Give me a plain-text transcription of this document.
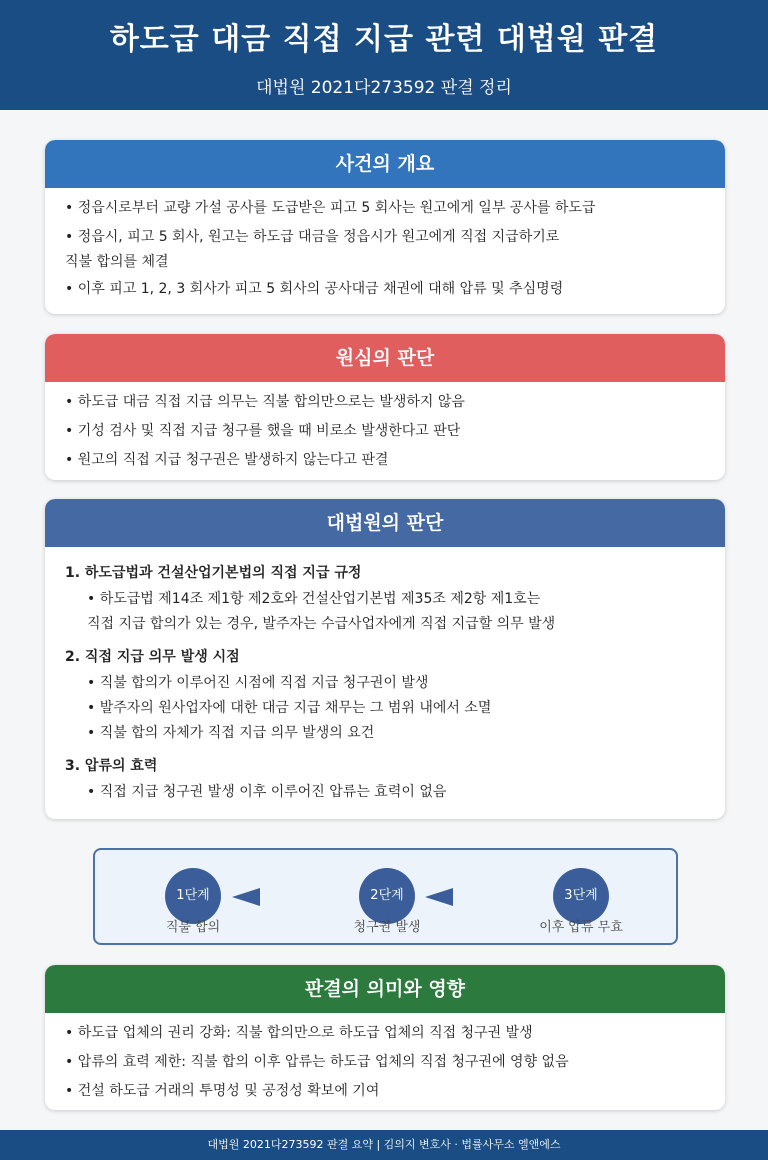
하도급 대금 직접 지급 관련 대법원 판결
대법원 2021다273592 판결 정리
사건의 개요
• 정읍시로부터 교량 가설 공사를 도급받은 피고 5 회사는 원고에게 일부 공사를 하도급
• 정읍시, 피고 5 회사, 원고는 하도급 대금을 정읍시가 원고에게 직접 지급하기로
직불 합의를 체결
• 이후 피고 1, 2, 3 회사가 피고 5 회사의 공사대금 채권에 대해 압류 및 추심명령
원심의 판단
• 하도급 대금 직접 지급 의무는 직불 합의만으로는 발생하지 않음
• 기성 검사 및 직접 지급 청구를 했을 때 비로소 발생한다고 판단
• 원고의 직접 지급 청구권은 발생하지 않는다고 판결
대법원의 판단
1. 하도급법과 건설산업기본법의 직접 지급 규정
• 하도급법 제14조 제1항 제2호와 건설산업기본법 제35조 제2항 제1호는
직접 지급 합의가 있는 경우, 발주자는 수급사업자에게 직접 지급할 의무 발생
2. 직접 지급 의무 발생 시점
• 직불 합의가 이루어진 시점에 직접 지급 청구권이 발생
• 발주자의 원사업자에 대한 대금 지급 채무는 그 범위 내에서 소멸
• 직불 합의 자체가 직접 지급 의무 발생의 요건
3. 압류의 효력
• 직접 지급 청구권 발생 이후 이루어진 압류는 효력이 없음
1단계
직불 합의
2단계
청구권 발생
3단계
이후 압류 무효
판결의 의미와 영향
• 하도급 업체의 권리 강화: 직불 합의만으로 하도급 업체의 직접 청구권 발생
• 압류의 효력 제한: 직불 합의 이후 압류는 하도급 업체의 직접 청구권에 영향 없음
• 건설 하도급 거래의 투명성 및 공정성 확보에 기여
대법원 2021다273592 판결 요약 | 김의지 변호사 · 법률사무소 엘앤에스
